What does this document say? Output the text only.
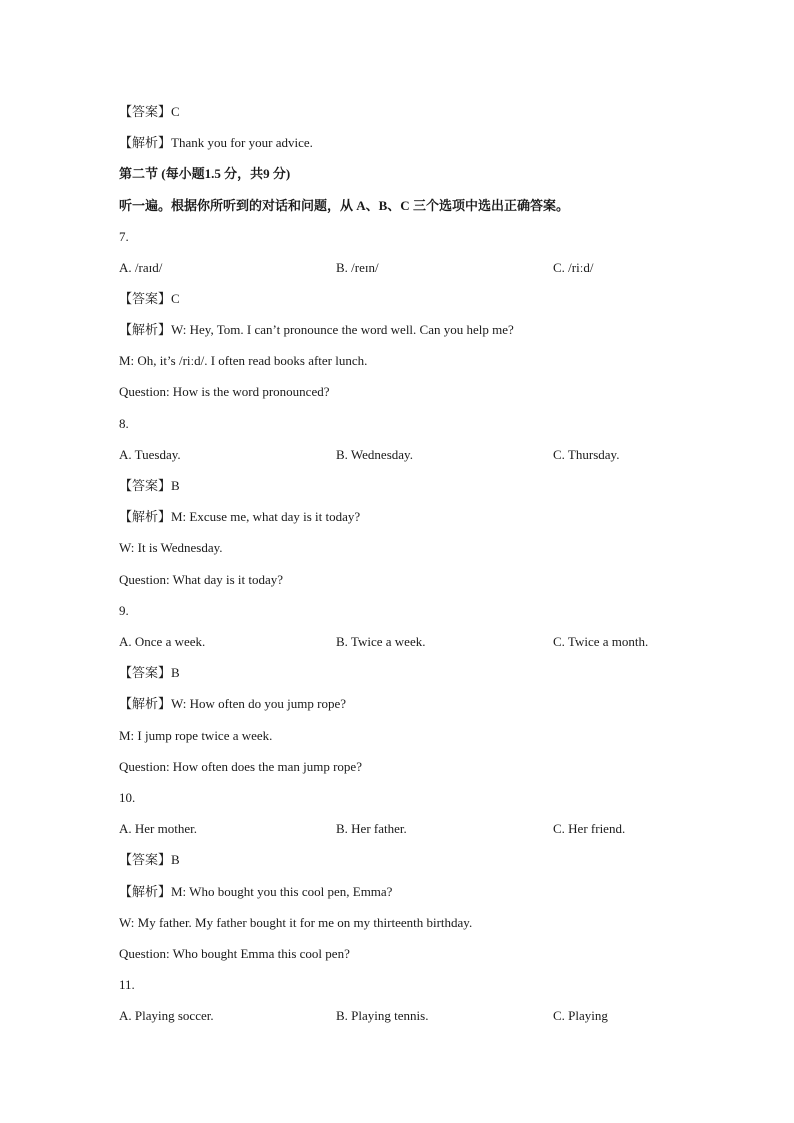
【答案】C
【解析】Thank you for your advice.
第二节 (每小题1.5 分，共9 分)
听一遍。根据你所听到的对话和问题，从 A、B、C 三个选项中选出正确答案。
7.
A. /raɪd/	B. /reɪn/	C. /riːd/
【答案】C
【解析】W: Hey, Tom. I can’t pronounce the word well. Can you help me?
M: Oh, it’s /riːd/. I often read books after lunch.
Question: How is the word pronounced?
8.
A. Tuesday.	B. Wednesday.	C. Thursday.
【答案】B
【解析】M: Excuse me, what day is it today?
W: It is Wednesday.
Question: What day is it today?
9.
A. Once a week.	B. Twice a week.	C. Twice a month.
【答案】B
【解析】W: How often do you jump rope?
M: I jump rope twice a week.
Question: How often does the man jump rope?
10.
A. Her mother.	B. Her father.	C. Her friend.
【答案】B
【解析】M: Who bought you this cool pen, Emma?
W: My father. My father bought it for me on my thirteenth birthday.
Question: Who bought Emma this cool pen?
11.
A. Playing soccer.	B. Playing tennis.	C. Playing
